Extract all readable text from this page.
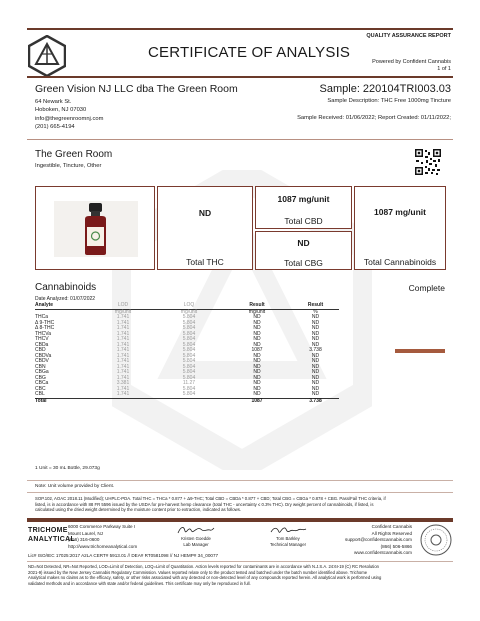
QUALITY ASSURANCE REPORT
CERTIFICATE OF ANALYSIS
Powered by Confident Cannabis
1 of 1
Green Vision NJ LLC dba The Green Room
64 Newark St.
Hoboken, NJ 07030
info@thegreenroomnj.com
(201) 665-4194
Sample: 220104TRI003.03
Sample Description: THC Free 1000mg Tincture
Sample Received: 01/06/2022; Report Created: 01/11/2022;
The Green Room
Ingestible, Tincture, Other
ND
Total THC
1087 mg/unit
Total CBD
ND
Total CBG
1087 mg/unit
Total Cannabinoids
Cannabinoids	Complete
Date Analyzed: 01/07/2022
Analyte	LOD	LOQ	Result	Result
	mg/unit	mg/unit	mg/unit	%
THCa	1.741	5.804	ND	ND
Δ 9-THC	1.741	5.804	ND	ND
Δ 8-THC	1.741	5.804	ND	ND
THCVa	1.741	5.804	ND	ND
THCV	1.741	5.804	ND	ND
CBDa	1.741	5.804	ND	ND
CBD	1.741	5.804	1087	3.738
CBDVa	1.741	5.804	ND	ND
CBDV	1.741	5.804	ND	ND
CBN	1.741	5.804	ND	ND
CBGa	1.741	5.804	ND	ND
CBG	1.741	5.804	ND	ND
CBCa	3.381	11.27	ND	ND
CBC	1.741	5.804	ND	ND
CBL	1.741	5.804	ND	ND
Total			1087	3.738
1 Unit = 30 mL Bottle, 29.073g
Note: Unit volume provided by Client.
SOP.102, AOAC 2018.11 (Modified); UHPLC-PDA. Total THC = THCa * 0.877 + Δ9-THC; Total CBD = CBDa * 0.877 + CBD; Total CBG = CBGa * 0.878 + CBG. Pass/Fail THC criteria, if
listed, is in accordance with 88 FR 5596 issued by the USDA for pre-harvest hemp clearance (total THC - uncertainty ≤ 0.3% THC). Dry weight percent of cannabinoids, if listed, is
calculated using the dried weight determined by the moisture content prior to extraction, indicated as follows.
TRICHOME ANALYTICAL
6000 Commerce Parkway Suite I
Mount Laurel, NJ
(856) 316-0600
http://www.trichomeanalytical.com
Kristen Goedde
Lab Manager
Tom Barkley
Technical Manager
Lic# ISO/IEC 17025:2017 A2LA CERT# 5913.01 // DEA# RT0581098 // NJ HEMP# 34_00077
Confident Cannabis
All Rights Reserved
support@confidentcannabis.com
(866) 506-5866
www.confidentcannabis.com
ND=Not Detected, NR=Not Reported, LOD=Limit of Detection, LOQ=Limit of Quantitation. Action levels reported for contaminants are in accordance with N.J.S.A. 24:6I-19 (C) RC Resolution
2021-9) issued by the New Jersey Cannabis Regulatory Commission. Values reported relate only to the product tested and batched under the batch number identified above. Trichome
Analytical makes no claims as to the efficacy, safety, or other risks associated with any detected or non-detected level of any compounds reported herein. All analytical work is performed using
validated methods and in accordance with state and/or federal guidelines. This certificate may only be reproduced in full.
